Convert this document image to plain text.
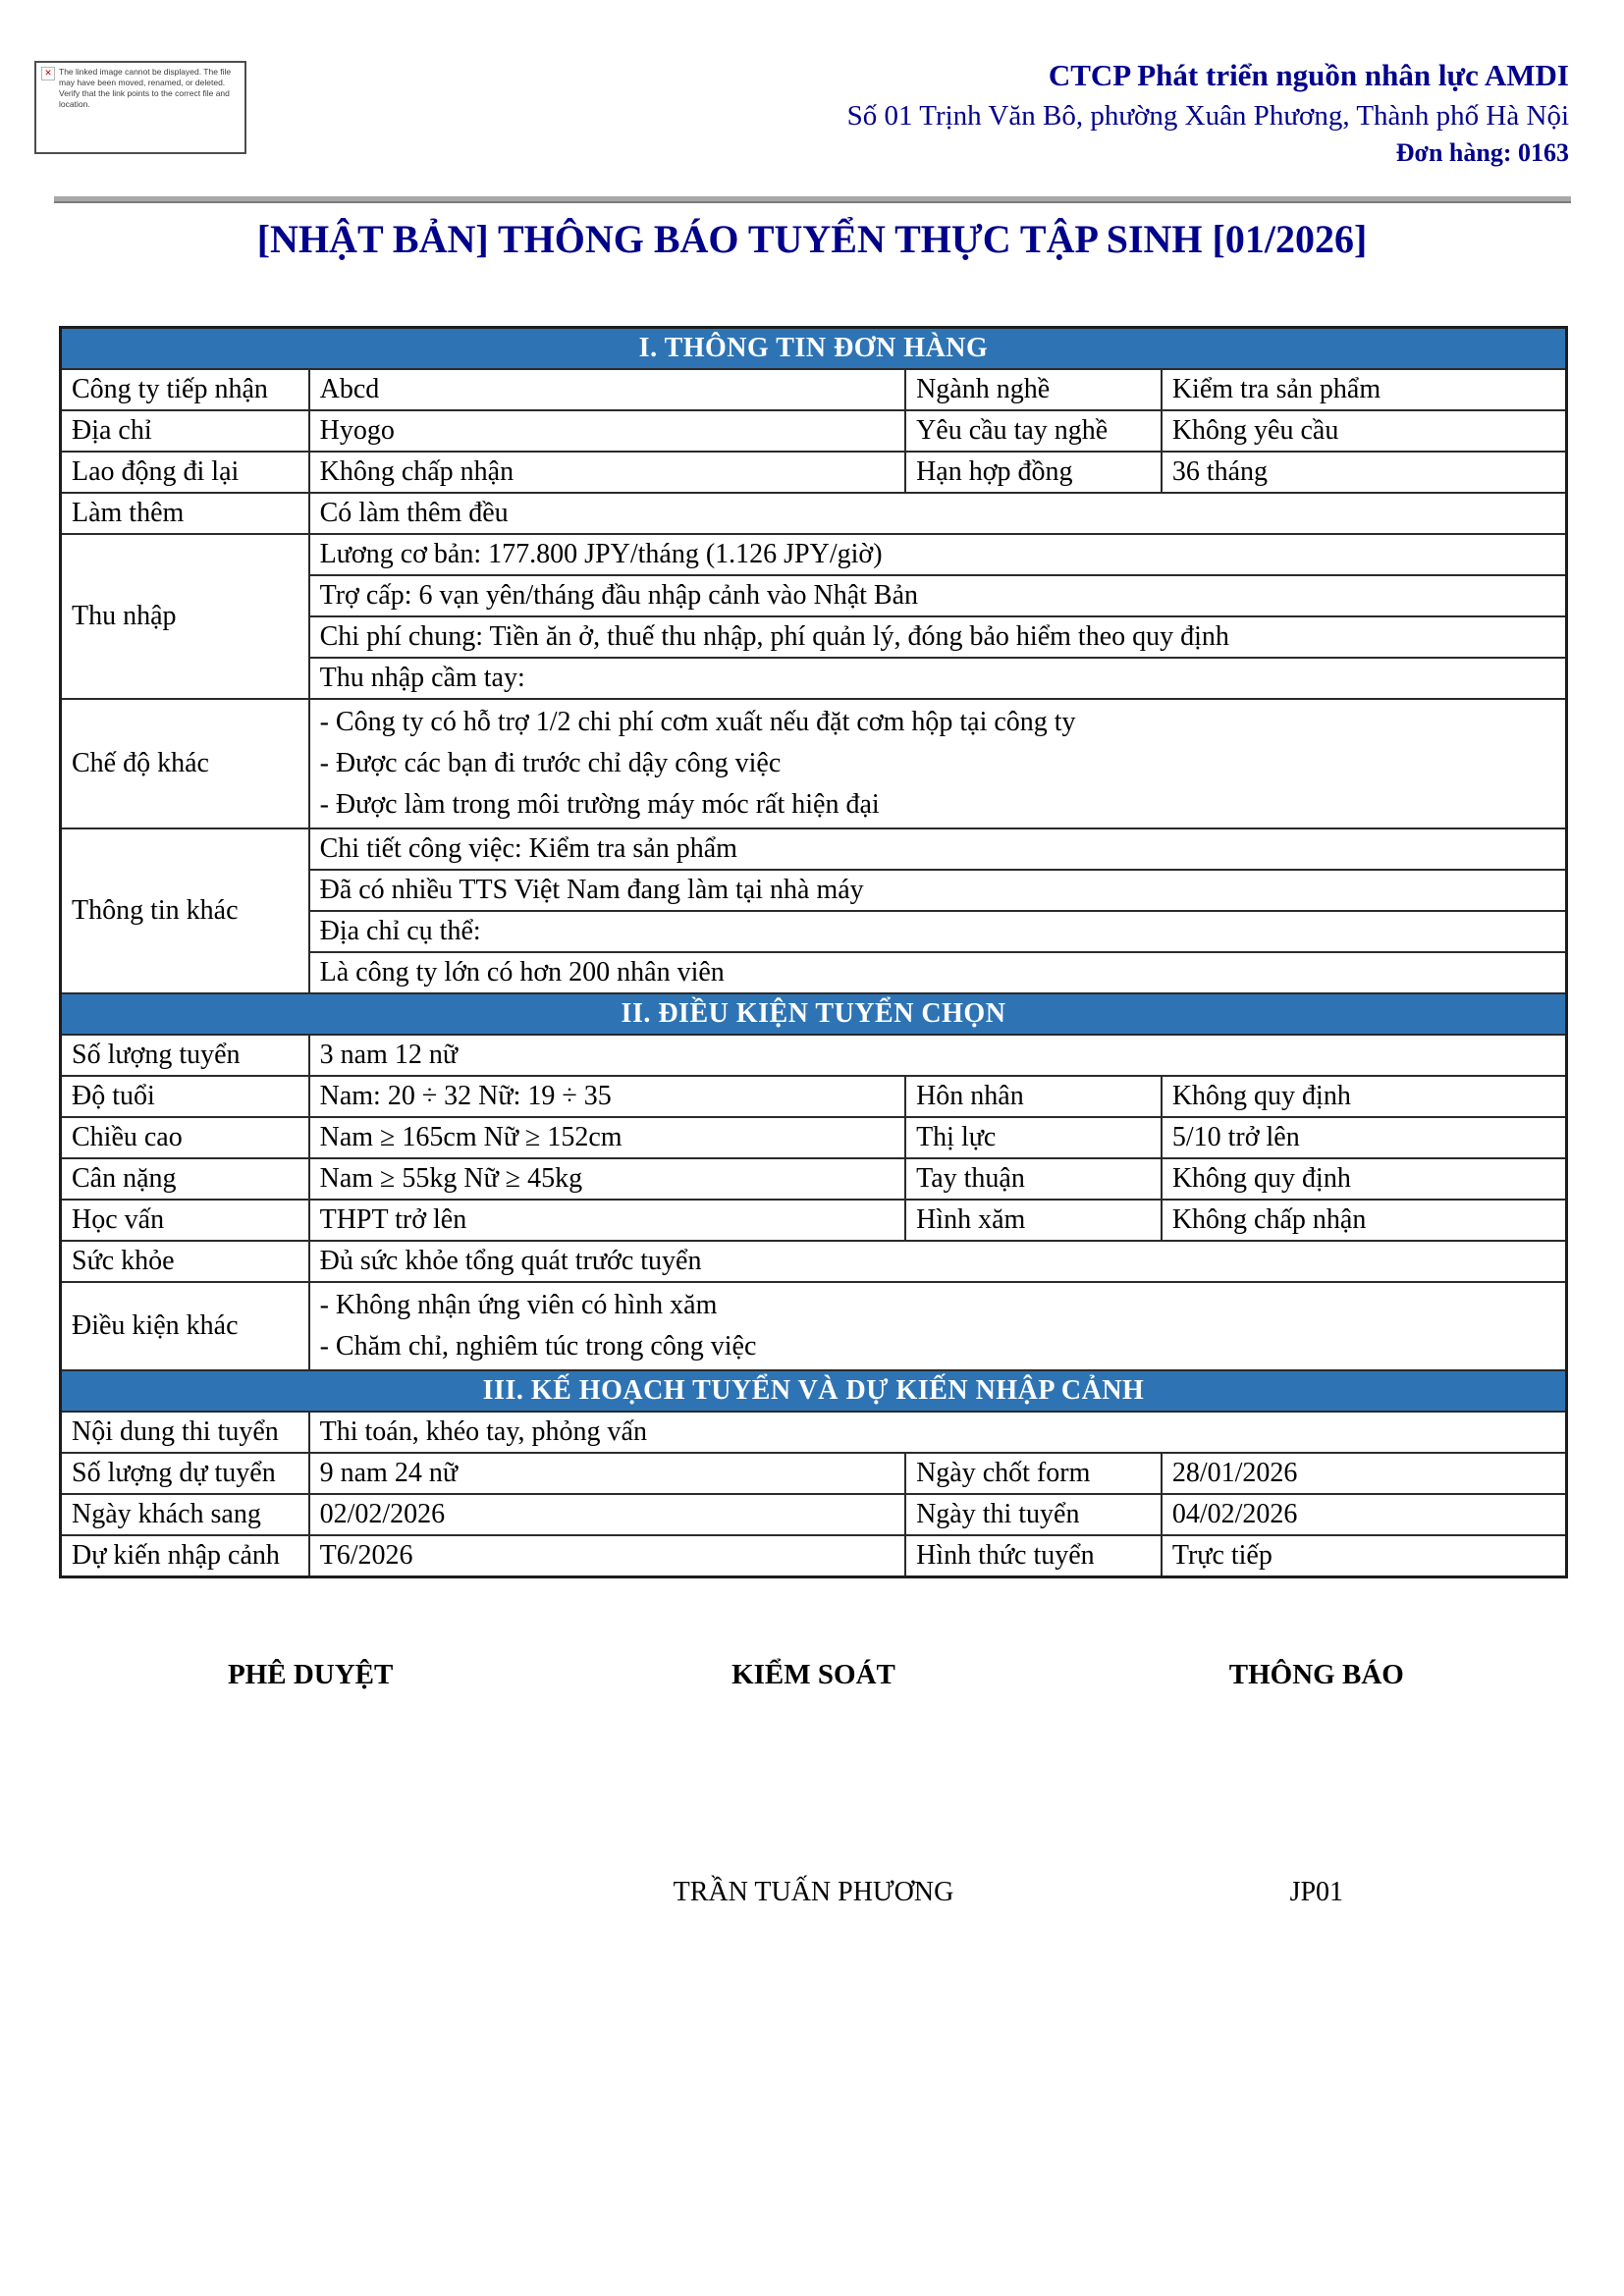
✕ The linked image cannot be displayed. The file may have been moved, renamed, or deleted. Verify that the link points to the correct file and location.
CTCP Phát triển nguồn nhân lực AMDI
Số 01 Trịnh Văn Bô, phường Xuân Phương, Thành phố Hà Nội
Đơn hàng: 0163
[NHẬT BẢN] THÔNG BÁO TUYỂN THỰC TẬP SINH [01/2026]
I. THÔNG TIN ĐƠN HÀNG			
Công ty tiếp nhận	Abcd	Ngành nghề	Kiểm tra sản phẩm
Địa chỉ	Hyogo	Yêu cầu tay nghề	Không yêu cầu
Lao động đi lại	Không chấp nhận	Hạn hợp đồng	36 tháng
Làm thêm	Có làm thêm đều		
Thu nhập	Lương cơ bản: 177.800 JPY/tháng (1.126 JPY/giờ)		
	Trợ cấp: 6 vạn yên/tháng đầu nhập cảnh vào Nhật Bản		
	Chi phí chung: Tiền ăn ở, thuế thu nhập, phí quản lý, đóng bảo hiểm theo quy định		
	Thu nhập cầm tay:		
Chế độ khác	- Công ty có hỗ trợ 1/2 chi phí cơm xuất nếu đặt cơm hộp tại công ty
- Được các bạn đi trước chỉ dậy công việc
- Được làm trong môi trường máy móc rất hiện đại		

Thông tin khác	Chi tiết công việc: Kiểm tra sản phẩm		
	Đã có nhiều TTS Việt Nam đang làm tại nhà máy		
	Địa chỉ cụ thể:		
	Là công ty lớn có hơn 200 nhân viên		
II. ĐIỀU KIỆN TUYỂN CHỌN			
Số lượng tuyển	3 nam 12 nữ		
Độ tuổi	Nam: 20 ÷ 32 Nữ: 19 ÷ 35	Hôn nhân	Không quy định
Chiều cao	Nam ≥ 165cm Nữ ≥ 152cm	Thị lực	5/10 trở lên
Cân nặng	Nam ≥ 55kg Nữ ≥ 45kg	Tay thuận	Không quy định
Học vấn	THPT trở lên	Hình xăm	Không chấp nhận
Sức khỏe	Đủ sức khỏe tổng quát trước tuyển		
Điều kiện khác	- Không nhận ứng viên có hình xăm
- Chăm chỉ, nghiêm túc trong công việc		

III. KẾ HOẠCH TUYỂN VÀ DỰ KIẾN NHẬP CẢNH			
Nội dung thi tuyển	Thi toán, khéo tay, phỏng vấn		
Số lượng dự tuyển	9 nam 24 nữ	Ngày chốt form	28/01/2026
Ngày khách sang	02/02/2026	Ngày thi tuyển	04/02/2026
Dự kiến nhập cảnh	T6/2026	Hình thức tuyển	Trực tiếp
PHÊ DUYỆT	KIỂM SOÁT	THÔNG BÁO
TRẦN TUẤN PHƯƠNG	JP01
